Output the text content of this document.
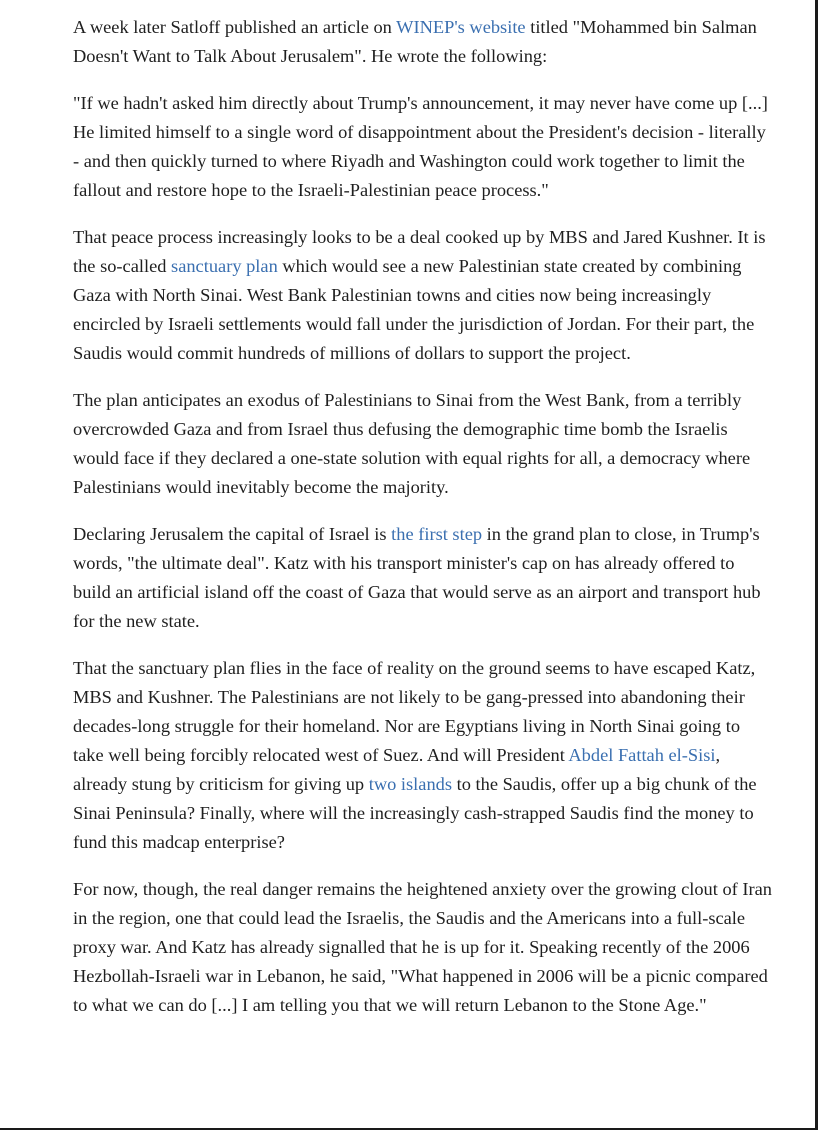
A week later Satloff published an article on WINEP's website titled "Mohammed bin Salman Doesn't Want to Talk About Jerusalem". He wrote the following:

"If we hadn't asked him directly about Trump's announcement, it may never have come up [...] He limited himself to a single word of disappointment about the President's decision - literally - and then quickly turned to where Riyadh and Washington could work together to limit the fallout and restore hope to the Israeli-Palestinian peace process."

That peace process increasingly looks to be a deal cooked up by MBS and Jared Kushner. It is the so-called sanctuary plan which would see a new Palestinian state created by combining Gaza with North Sinai. West Bank Palestinian towns and cities now being increasingly encircled by Israeli settlements would fall under the jurisdiction of Jordan. For their part, the Saudis would commit hundreds of millions of dollars to support the project.

The plan anticipates an exodus of Palestinians to Sinai from the West Bank, from a terribly overcrowded Gaza and from Israel thus defusing the demographic time bomb the Israelis would face if they declared a one-state solution with equal rights for all, a democracy where Palestinians would inevitably become the majority.

Declaring Jerusalem the capital of Israel is the first step in the grand plan to close, in Trump's words, "the ultimate deal". Katz with his transport minister's cap on has already offered to build an artificial island off the coast of Gaza that would serve as an airport and transport hub for the new state.

That the sanctuary plan flies in the face of reality on the ground seems to have escaped Katz, MBS and Kushner. The Palestinians are not likely to be gang-pressed into abandoning their decades-long struggle for their homeland. Nor are Egyptians living in North Sinai going to take well being forcibly relocated west of Suez. And will President Abdel Fattah el-Sisi, already stung by criticism for giving up two islands to the Saudis, offer up a big chunk of the Sinai Peninsula? Finally, where will the increasingly cash-strapped Saudis find the money to fund this madcap enterprise?

For now, though, the real danger remains the heightened anxiety over the growing clout of Iran in the region, one that could lead the Israelis, the Saudis and the Americans into a full-scale proxy war. And Katz has already signalled that he is up for it. Speaking recently of the 2006 Hezbollah-Israeli war in Lebanon, he said, "What happened in 2006 will be a picnic compared to what we can do [...] I am telling you that we will return Lebanon to the Stone Age."
